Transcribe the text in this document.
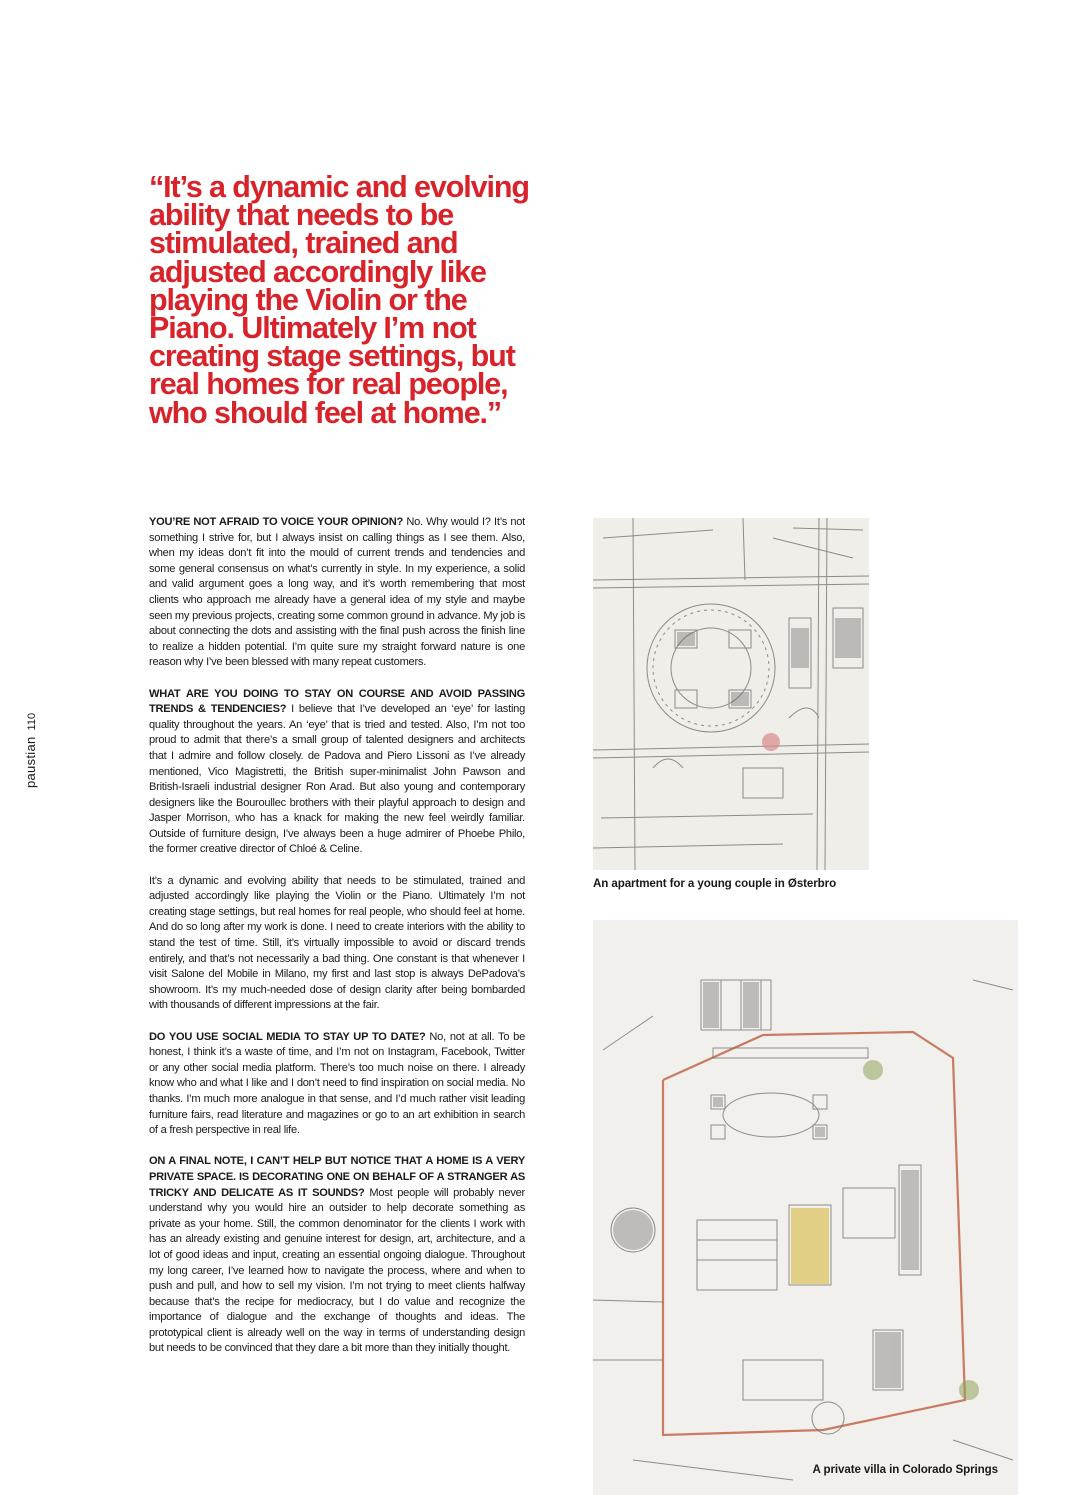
“It’s a dynamic and evolving ability that needs to be stimulated, trained and adjusted accordingly like playing the Violin or the Piano. Ultimately I’m not creating stage settings, but real homes for real people, who should feel at home.”
paustian110

YOU’RE NOT AFRAID TO VOICE YOUR OPINION? No. Why would I? It’s not something I strive for, but I always insist on calling things as I see them. Also, when my ideas don’t fit into the mould of current trends and tendencies and some general consensus on what’s currently in style. In my experience, a solid and valid argument goes a long way, and it’s worth remembering that most clients who approach me already have a general idea of my style and maybe seen my previous projects, creating some common ground in advance. My job is about connecting the dots and assisting with the final push across the finish line to realize a hidden potential. I’m quite sure my straight forward nature is one reason why I’ve been blessed with many repeat customers.

WHAT ARE YOU DOING TO STAY ON COURSE AND AVOID PASSING TRENDS & TENDENCIES? I believe that I’ve developed an ‘eye’ for lasting quality throughout the years. An ‘eye’ that is tried and tested. Also, I’m not too proud to admit that there’s a small group of talented designers and architects that I admire and follow closely. de Padova and Piero Lissoni as I’ve already mentioned, Vico Magistretti, the British super-minimalist John Pawson and British-Israeli industrial designer Ron Arad. But also young and contemporary designers like the Bouroullec brothers with their playful approach to design and Jasper Morrison, who has a knack for making the new feel weirdly familiar. Outside of furniture design, I’ve always been a huge admirer of Phoebe Philo, the former creative director of Chloé & Celine.

It’s a dynamic and evolving ability that needs to be stimulated, trained and adjusted accordingly like playing the Violin or the Piano. Ultimately I’m not creating stage settings, but real homes for real people, who should feel at home. And do so long after my work is done. I need to create interiors with the ability to stand the test of time. Still, it’s virtually impossible to avoid or discard trends entirely, and that’s not necessarily a bad thing. One constant is that whenever I visit Salone del Mobile in Milano, my first and last stop is always DePadova’s showroom. It’s my much-needed dose of design clarity after being bombarded with thousands of different impressions at the fair.

DO YOU USE SOCIAL MEDIA TO STAY UP TO DATE? No, not at all. To be honest, I think it’s a waste of time, and I’m not on Instagram, Facebook, Twitter or any other social media platform. There’s too much noise on there. I already know who and what I like and I don’t need to find inspiration on social media. No thanks. I’m much more analogue in that sense, and I’d much rather visit leading furniture fairs, read literature and magazines or go to an art exhibition in search of a fresh perspective in real life.

ON A FINAL NOTE, I CAN’T HELP BUT NOTICE THAT A HOME IS A VERY PRIVATE SPACE. IS DECORATING ONE ON BEHALF OF A STRANGER AS TRICKY AND DELICATE AS IT SOUNDS? Most people will probably never understand why you would hire an outsider to help decorate something as private as your home. Still, the common denominator for the clients I work with has an already existing and genuine interest for design, art, architecture, and a lot of good ideas and input, creating an essential ongoing dialogue. Throughout my long career, I’ve learned how to navigate the process, where and when to push and pull, and how to sell my vision. I’m not trying to meet clients halfway because that’s the recipe for mediocracy, but I do value and recognize the importance of dialogue and the exchange of thoughts and ideas. The prototypical client is already well on the way in terms of understanding design but needs to be convinced that they dare a bit more than they initially thought.

An apartment for a young couple in Østerbro
A private villa in Colorado Springs
